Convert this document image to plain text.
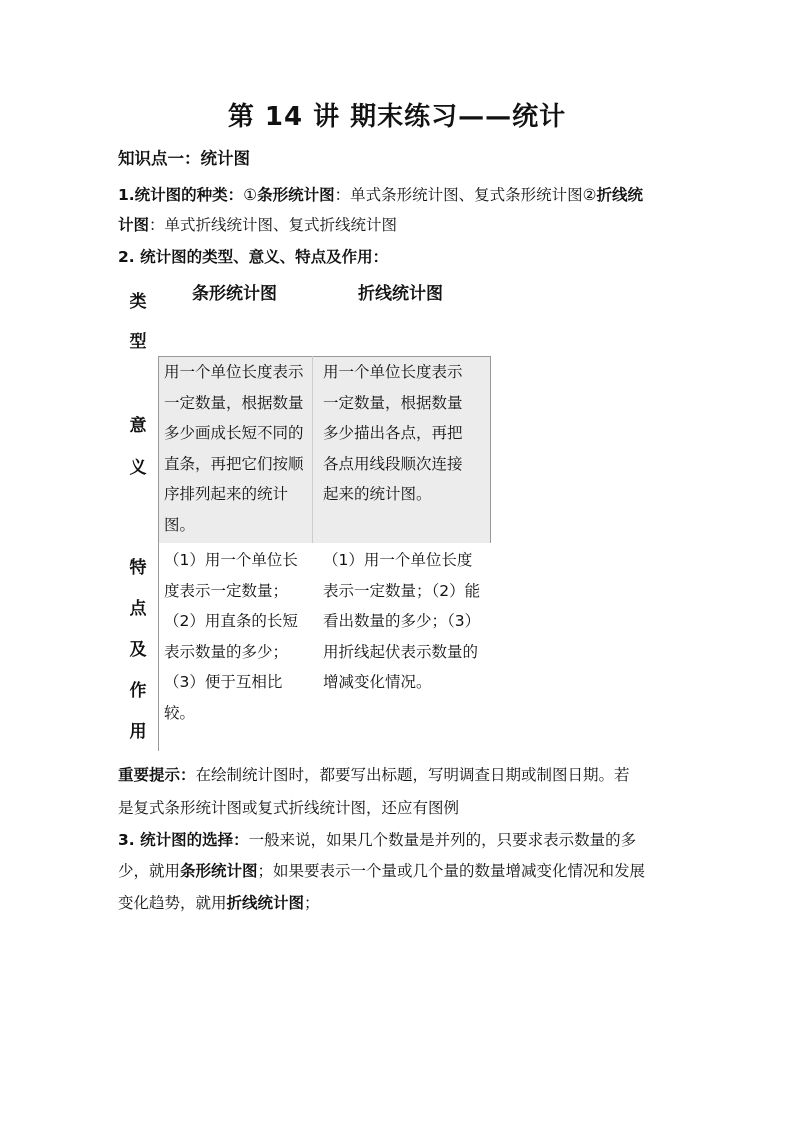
第 14 讲 期末练习——统计
知识点一：统计图
1.统计图的种类：①条形统计图：单式条形统计图、复式条形统计图②折线统
计图：单式折线统计图、复式折线统计图
2. 统计图的类型、意义、特点及作用：
类
型
条形统计图	折线统计图
意
义
用一个单位长度表示一定数量，根据数量多少画成长短不同的直条，再把它们按顺序排列起来的统计图。
用一个单位长度表示一定数量，根据数量多少描出各点，再把各点用线段顺次连接起来的统计图。
特
点
及
作
用
（1）用一个单位长度表示一定数量；（2）用直条的长短表示数量的多少；（3）便于互相比较。
（1）用一个单位长度表示一定数量；（2）能看出数量的多少；（3）用折线起伏表示数量的增减变化情况。
重要提示：在绘制统计图时，都要写出标题，写明调查日期或制图日期。若
是复式条形统计图或复式折线统计图，还应有图例
3. 统计图的选择：一般来说，如果几个数量是并列的，只要求表示数量的多
少，就用条形统计图；如果要表示一个量或几个量的数量增减变化情况和发展
变化趋势，就用折线统计图；
